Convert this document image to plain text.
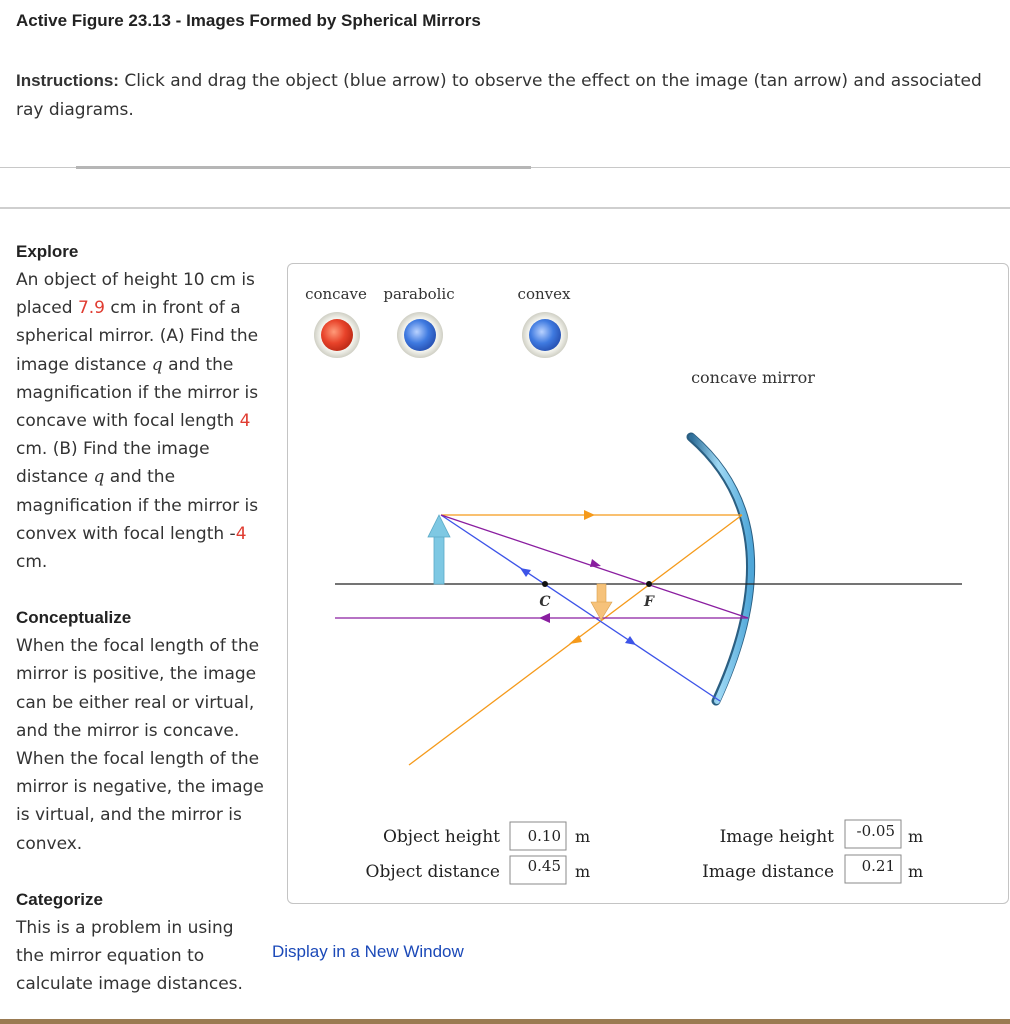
Active Figure 23.13 - Images Formed by Spherical Mirrors
Instructions: Click and drag the object (blue arrow) to observe the effect on the image (tan arrow) and associated ray diagrams.
Explore
An object of height 10 cm is placed 7.9 cm in front of a spherical mirror. (A) Find the image distance q and the magnification if the mirror is concave with focal length 4 cm. (B) Find the image distance q and the magnification if the mirror is convex with focal length -4 cm.
Conceptualize
When the focal length of the mirror is positive, the image can be either real or virtual, and the mirror is concave. When the focal length of the mirror is negative, the image is virtual, and the mirror is convex.
Categorize
This is a problem in using the mirror equation to calculate image distances.
concave parabolic	convex
concave mirror
C	F
Object height 0.10 m
Object distance 0.45 m
Image height -0.05 m
Image distance 0.21 m
Display in a New Window
